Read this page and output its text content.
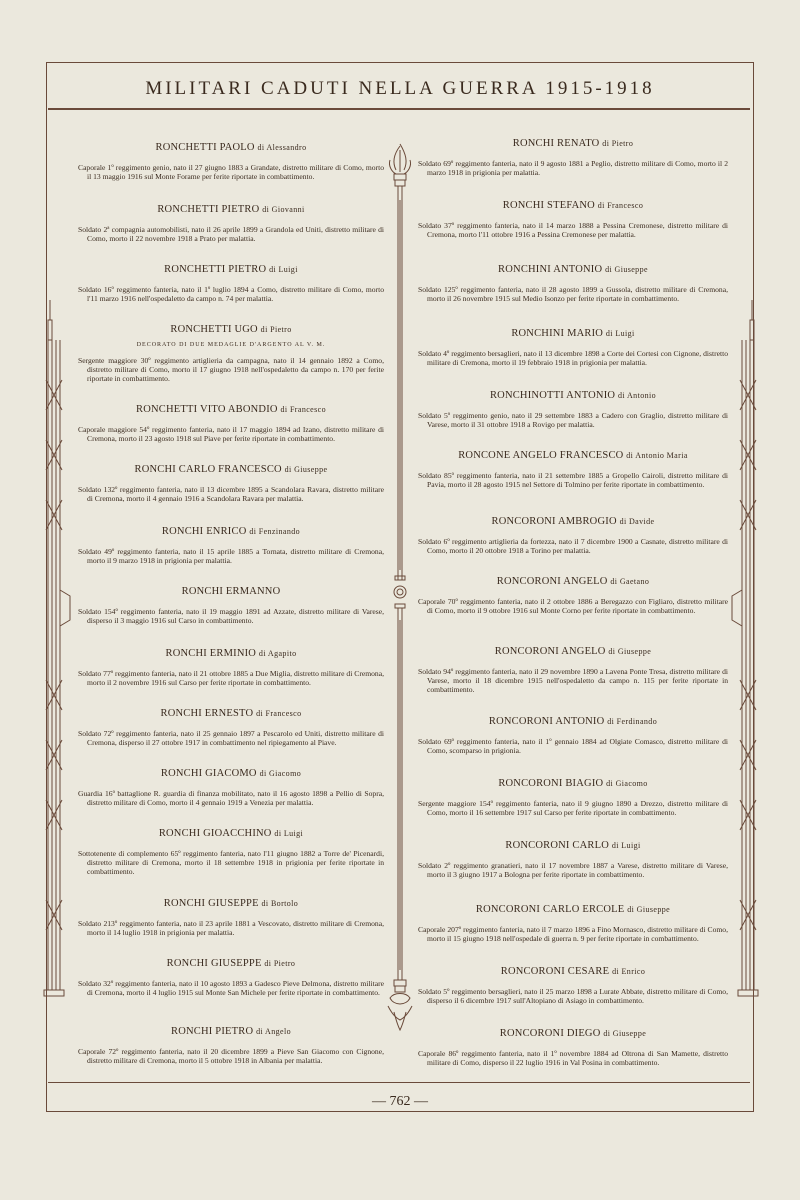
MILITARI CADUTI NELLA GUERRA 1915-1918
RONCHETTI PAOLO di Alessandro
Caporale 1º reggimento genio, nato il 27 giugno 1883 a Grandate, distretto militare di Como, morto il 13 maggio 1916 sul Monte Forame per ferite riportate in combattimento.
RONCHETTI PIETRO di Giovanni
Soldato 2ª compagnia automobilisti, nato il 26 aprile 1899 a Grandola ed Uniti, distretto militare di Como, morto il 22 novembre 1918 a Prato per malattia.
RONCHETTI PIETRO di Luigi
Soldato 16º reggimento fanteria, nato il 1º luglio 1894 a Como, distretto militare di Como, morto l'11 marzo 1916 nell'ospedaletto da campo n. 74 per malattia.
RONCHETTI UGO di Pietro
DECORATO DI DUE MEDAGLIE D'ARGENTO AL V. M.
Sergente maggiore 30º reggimento artiglieria da campagna, nato il 14 gennaio 1892 a Como, distretto militare di Como, morto il 17 giugno 1918 nell'ospedaletto da campo n. 170 per ferite riportate in combattimento.
RONCHETTI VITO ABONDIO di Francesco
Caporale maggiore 54º reggimento fanteria, nato il 17 maggio 1894 ad Izano, distretto militare di Cremona, morto il 23 agosto 1918 sul Piave per ferite riportate in combattimento.
RONCHI CARLO FRANCESCO di Giuseppe
Soldato 132º reggimento fanteria, nato il 13 dicembre 1895 a Scandolara Ravara, distretto militare di Cremona, morto il 4 gennaio 1916 a Scandolara Ravara per malattia.
RONCHI ENRICO di Fenzinando
Soldato 49º reggimento fanteria, nato il 15 aprile 1885 a Tornata, distretto militare di Cremona, morto il 9 marzo 1918 in prigionia per malattia.
RONCHI ERMANNO
Soldato 154º reggimento fanteria, nato il 19 maggio 1891 ad Azzate, distretto militare di Varese, disperso il 3 maggio 1916 sul Carso in combattimento.
RONCHI ERMINIO di Agapito
Soldato 77º reggimento fanteria, nato il 21 ottobre 1885 a Due Miglia, distretto militare di Cremona, morto il 2 novembre 1916 sul Carso per ferite riportate in combattimento.
RONCHI ERNESTO di Francesco
Soldato 72º reggimento fanteria, nato il 25 gennaio 1897 a Pescarolo ed Uniti, distretto militare di Cremona, disperso il 27 ottobre 1917 in combattimento nel ripiegamento al Piave.
RONCHI GIACOMO di Giacomo
Guardia 16º battaglione R. guardia di finanza mobilitato, nato il 16 agosto 1898 a Pellio di Sopra, distretto militare di Como, morto il 4 gennaio 1919 a Venezia per malattia.
RONCHI GIOACCHINO di Luigi
Sottotenente di complemento 65º reggimento fanteria, nato l'11 giugno 1882 a Torre de' Picenardi, distretto militare di Cremona, morto il 18 settembre 1918 in prigionia per ferite riportate in combattimento.
RONCHI GIUSEPPE di Bortolo
Soldato 213º reggimento fanteria, nato il 23 aprile 1881 a Vescovato, distretto militare di Cremona, morto il 14 luglio 1918 in prigionia per malattia.
RONCHI GIUSEPPE di Pietro
Soldato 32º reggimento fanteria, nato il 10 agosto 1893 a Gadesco Pieve Delmona, distretto militare di Cremona, morto il 4 luglio 1915 sul Monte San Michele per ferite riportate in combattimento.
RONCHI PIETRO di Angelo
Caporale 72º reggimento fanteria, nato il 20 dicembre 1899 a Pieve San Giacomo con Cignone, distretto militare di Cremona, morto il 5 ottobre 1918 in Albania per malattia.
RONCHI RENATO di Pietro
Soldato 69º reggimento fanteria, nato il 9 agosto 1881 a Peglio, distretto militare di Como, morto il 2 marzo 1918 in prigionia per malattia.
RONCHI STEFANO di Francesco
Soldato 37º reggimento fanteria, nato il 14 marzo 1888 a Pessina Cremonese, distretto militare di Cremona, morto l'11 ottobre 1916 a Pessina Cremonese per malattia.
RONCHINI ANTONIO di Giuseppe
Soldato 125º reggimento fanteria, nato il 28 agosto 1899 a Gussola, distretto militare di Cremona, morto il 26 novembre 1915 sul Medio Isonzo per ferite riportate in combattimento.
RONCHINI MARIO di Luigi
Soldato 4º reggimento bersaglieri, nato il 13 dicembre 1898 a Corte dei Cortesi con Cignone, distretto militare di Cremona, morto il 19 febbraio 1918 in prigionia per malattia.
RONCHINOTTI ANTONIO di Antonio
Soldato 5º reggimento genio, nato il 29 settembre 1883 a Cadero con Graglio, distretto militare di Varese, morto il 31 ottobre 1918 a Rovigo per malattia.
RONCONE ANGELO FRANCESCO di Antonio Maria
Soldato 85º reggimento fanteria, nato il 21 settembre 1885 a Gropello Cairoli, distretto militare di Pavia, morto il 28 agosto 1915 nel Settore di Tolmino per ferite riportate in combattimento.
RONCORONI AMBROGIO di Davide
Soldato 6º reggimento artiglieria da fortezza, nato il 7 dicembre 1900 a Casnate, distretto militare di Como, morto il 20 ottobre 1918 a Torino per malattia.
RONCORONI ANGELO di Gaetano
Caporale 70º reggimento fanteria, nato il 2 ottobre 1886 a Beregazzo con Figliaro, distretto militare di Como, morto il 9 ottobre 1916 sul Monte Corno per ferite riportate in combattimento.
RONCORONI ANGELO di Giuseppe
Soldato 94º reggimento fanteria, nato il 29 novembre 1890 a Lavena Ponte Tresa, distretto militare di Varese, morto il 18 dicembre 1915 nell'ospedaletto da campo n. 115 per ferite riportate in combattimento.
RONCORONI ANTONIO di Ferdinando
Soldato 69º reggimento fanteria, nato il 1º gennaio 1884 ad Olgiate Comasco, distretto militare di Como, scomparso in prigionia.
RONCORONI BIAGIO di Giacomo
Sergente maggiore 154º reggimento fanteria, nato il 9 giugno 1890 a Drezzo, distretto militare di Como, morto il 16 settembre 1917 sul Carso per ferite riportate in combattimento.
RONCORONI CARLO di Luigi
Soldato 2º reggimento granatieri, nato il 17 novembre 1887 a Varese, distretto militare di Varese, morto il 3 giugno 1917 a Bologna per ferite riportate in combattimento.
RONCORONI CARLO ERCOLE di Giuseppe
Caporale 207º reggimento fanteria, nato il 7 marzo 1896 a Fino Mornasco, distretto militare di Como, morto il 15 giugno 1918 nell'ospedale di guerra n. 9 per ferite riportate in combattimento.
RONCORONI CESARE di Enrico
Soldato 5º reggimento bersaglieri, nato il 25 marzo 1898 a Lurate Abbate, distretto militare di Como, disperso il 6 dicembre 1917 sull'Altopiano di Asiago in combattimento.
RONCORONI DIEGO di Giuseppe
Caporale 86º reggimento fanteria, nato il 1º novembre 1884 ad Oltrona di San Mamette, distretto militare di Como, disperso il 22 luglio 1916 in Val Posina in combattimento.
— 762 —
